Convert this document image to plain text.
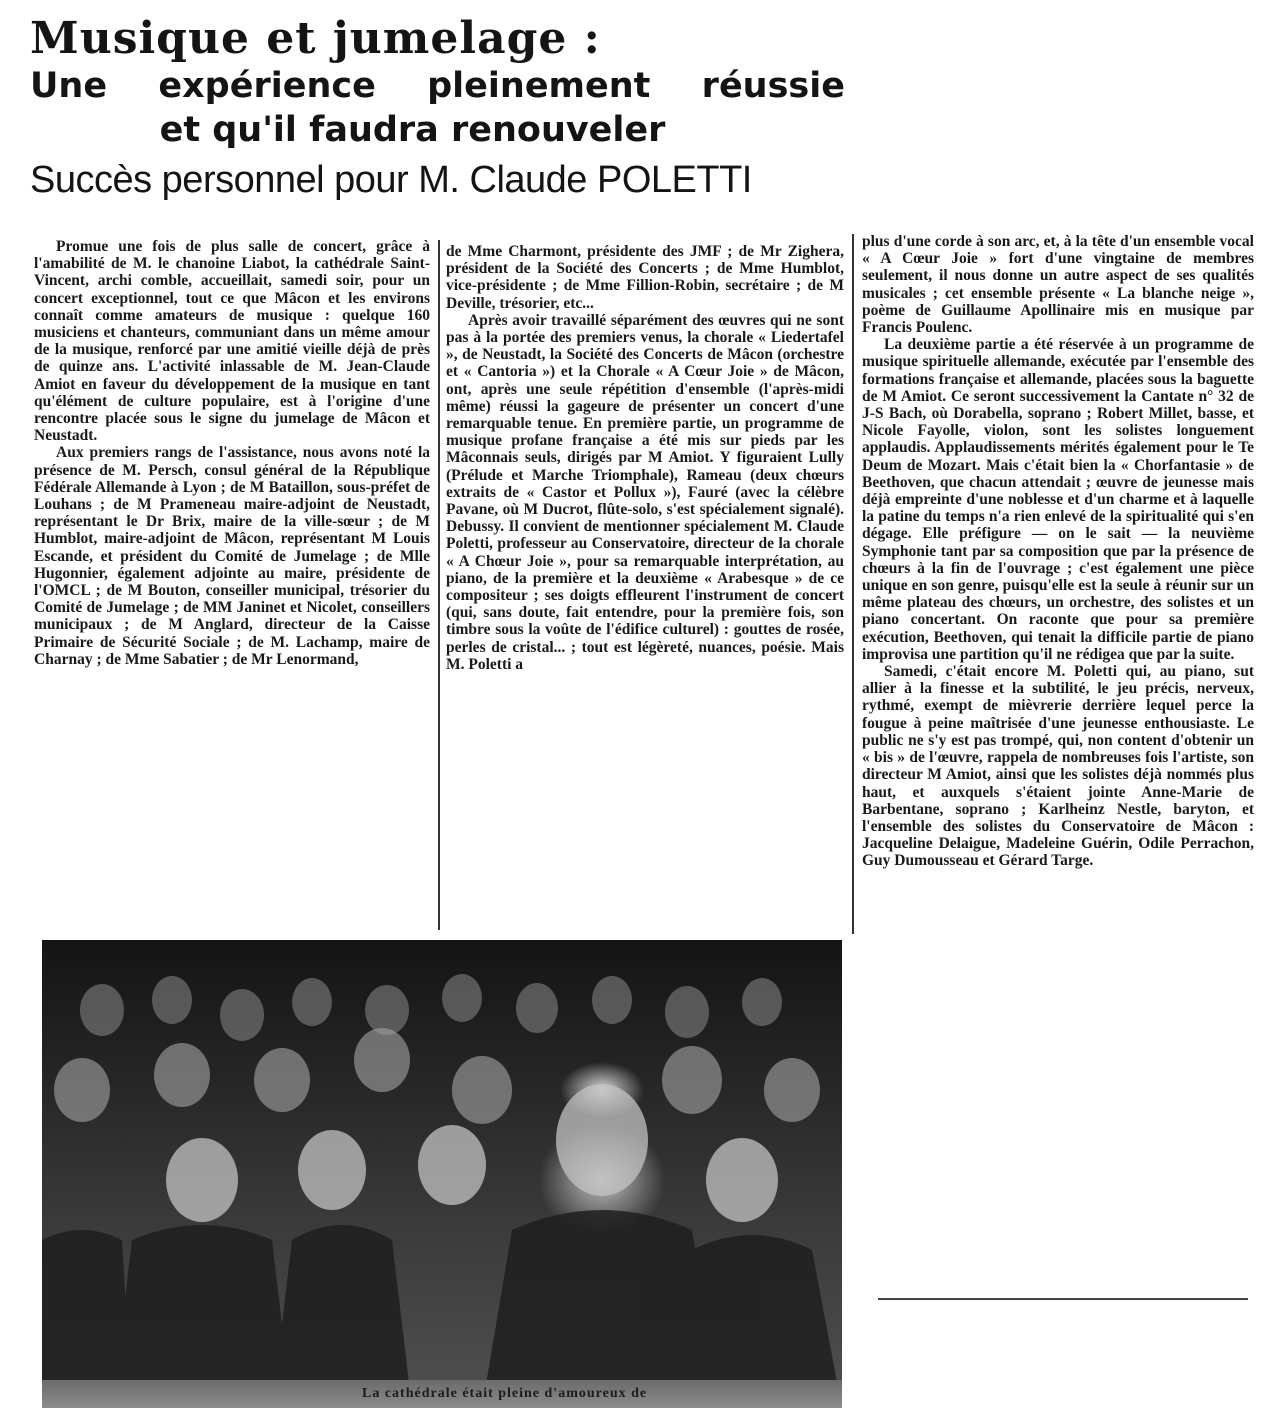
Musique et jumelage :

Une expérience pleinement réussie

et qu'il faudra renouveler

Succès personnel pour M. Claude POLETTI

Promue une fois de plus salle de concert, grâce à l'amabilité de M. le chanoine Liabot, la cathédrale Saint-Vincent, archi comble, accueillait, samedi soir, pour un concert exceptionnel, tout ce que Mâcon et les environs connaît comme amateurs de musique : quelque 160 musiciens et chanteurs, communiant dans un même amour de la musique, renforcé par une amitié vieille déjà de près de quinze ans. L'activité inlassable de M. Jean-Claude Amiot en faveur du développement de la musique en tant qu'élément de culture populaire, est à l'origine d'une rencontre placée sous le signe du jumelage de Mâcon et Neustadt.

Aux premiers rangs de l'assistance, nous avons noté la présence de M. Persch, consul général de la République Fédérale Allemande à Lyon ; de M Bataillon, sous-préfet de Louhans ; de M Prameneau maire-adjoint de Neustadt, représentant le Dr Brix, maire de la ville-sœur ; de M Humblot, maire-adjoint de Mâcon, représentant M Louis Escande, et président du Comité de Jumelage ; de Mlle Hugonnier, également adjointe au maire, présidente de l'OMCL ; de M Bouton, conseiller municipal, trésorier du Comité de Jumelage ; de MM Janinet et Nicolet, conseillers municipaux ; de M Anglard, directeur de la Caisse Primaire de Sécurité Sociale ; de M. Lachamp, maire de Charnay ; de Mme Sabatier ; de Mr Lenormand,

de Mme Charmont, présidente des JMF ; de Mr Zighera, président de la Société des Concerts ; de Mme Humblot, vice-présidente ; de Mme Fillion-Robin, secrétaire ; de M Deville, trésorier, etc...

Après avoir travaillé séparément des œuvres qui ne sont pas à la portée des premiers venus, la chorale « Liedertafel », de Neustadt, la Société des Concerts de Mâcon (orchestre et « Cantoria ») et la Chorale « A Cœur Joie » de Mâcon, ont, après une seule répétition d'ensemble (l'après-midi même) réussi la gageure de présenter un concert d'une remarquable tenue. En première partie, un programme de musique profane française a été mis sur pieds par les Mâconnais seuls, dirigés par M Amiot. Y figuraient Lully (Prélude et Marche Triomphale), Rameau (deux chœurs extraits de « Castor et Pollux »), Fauré (avec la célèbre Pavane, où M Ducrot, flûte-solo, s'est spécialement signalé). Debussy. Il convient de mentionner spécialement M. Claude Poletti, professeur au Conservatoire, directeur de la chorale « A Chœur Joie », pour sa remarquable interprétation, au piano, de la première et la deuxième « Arabesque » de ce compositeur ; ses doigts effleurent l'instrument de concert (qui, sans doute, fait entendre, pour la première fois, son timbre sous la voûte de l'édifice culturel) : gouttes de rosée, perles de cristal... ; tout est légèreté, nuances, poésie. Mais M. Poletti a

plus d'une corde à son arc, et, à la tête d'un ensemble vocal « A Cœur Joie » fort d'une vingtaine de membres seulement, il nous donne un autre aspect de ses qualités musicales ; cet ensemble présente « La blanche neige », poème de Guillaume Apollinaire mis en musique par Francis Poulenc.

La deuxième partie a été réservée à un programme de musique spirituelle allemande, exécutée par l'ensemble des formations française et allemande, placées sous la baguette de M Amiot. Ce seront successivement la Cantate n° 32 de J-S Bach, où Dorabella, soprano ; Robert Millet, basse, et Nicole Fayolle, violon, sont les solistes longuement applaudis. Applaudissements mérités également pour le Te Deum de Mozart. Mais c'était bien la « Chorfantasie » de Beethoven, que chacun attendait ; œuvre de jeunesse mais déjà empreinte d'une noblesse et d'un charme et à laquelle la patine du temps n'a rien enlevé de la spiritualité qui s'en dégage. Elle préfigure — on le sait — la neuvième Symphonie tant par sa composition que par la présence de chœurs à la fin de l'ouvrage ; c'est également une pièce unique en son genre, puisqu'elle est la seule à réunir sur un même plateau des chœurs, un orchestre, des solistes et un piano concertant. On raconte que pour sa première exécution, Beethoven, qui tenait la difficile partie de piano improvisa une partition qu'il ne rédigea que par la suite.

Samedi, c'était encore M. Poletti qui, au piano, sut allier à la finesse et la subtilité, le jeu précis, nerveux, rythmé, exempt de mièvrerie derrière lequel perce la fougue à peine maîtrisée d'une jeunesse enthousiaste. Le public ne s'y est pas trompé, qui, non content d'obtenir un « bis » de l'œuvre, rappela de nombreuses fois l'artiste, son directeur M Amiot, ainsi que les solistes déjà nommés plus haut, et auxquels s'étaient jointe Anne-Marie de Barbentane, soprano ; Karlheinz Nestle, baryton, et l'ensemble des solistes du Conservatoire de Mâcon : Jacqueline Delaigue, Madeleine Guérin, Odile Perrachon, Guy Dumousseau et Gérard Targe.

La cathédrale était pleine d'amoureux de
